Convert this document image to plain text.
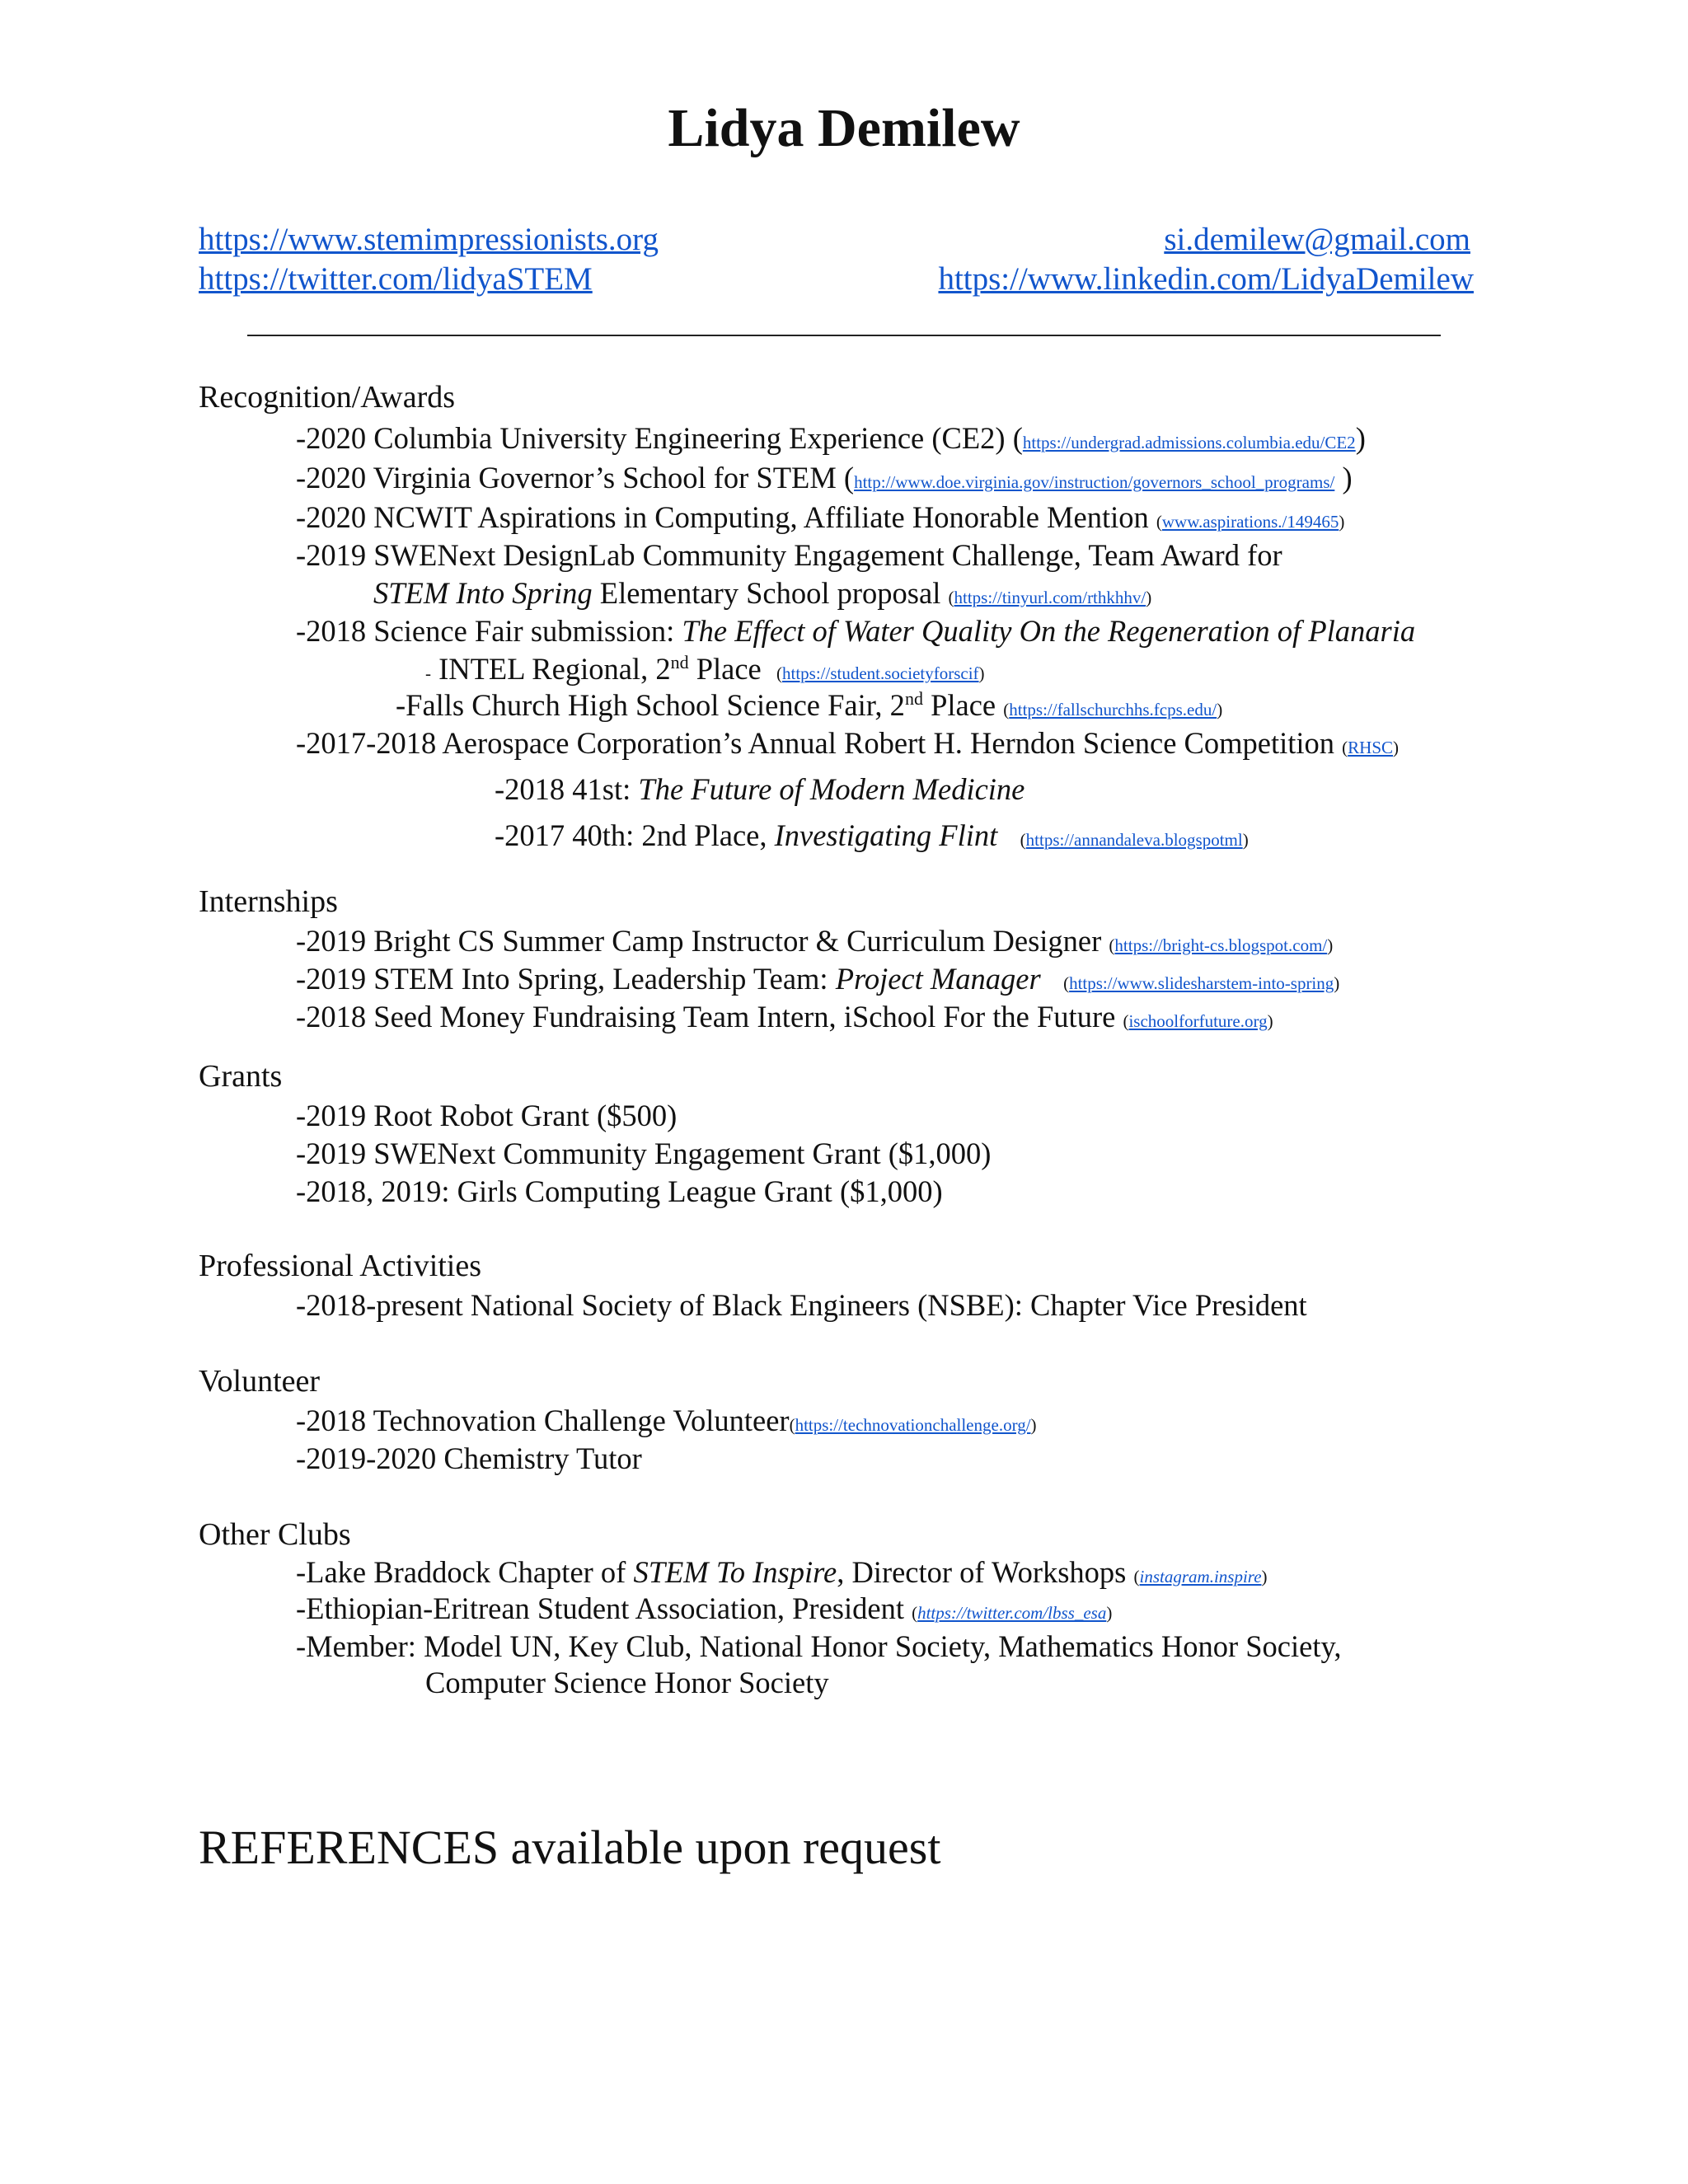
Lidya Demilew
https://www.stemimpressionists.org
https://twitter.com/lidyaSTEM
si.demilew@gmail.com
https://www.linkedin.com/LidyaDemilew
Recognition/Awards
-2020 Columbia University Engineering Experience (CE2) (https://undergrad.admissions.columbia.edu/CE2)
-2020 Virginia Governor’s School for STEM (http://www.doe.virginia.gov/instruction/governors_school_programs/ )
-2020 NCWIT Aspirations in Computing, Affiliate Honorable Mention (www.aspirations./149465)
-2019 SWENext DesignLab Community Engagement Challenge, Team Award for
STEM Into Spring Elementary School proposal (https://tinyurl.com/rthkhhv/)
-2018 Science Fair submission: The Effect of Water Quality On the Regeneration of Planaria
- INTEL Regional, 2nd Place (https://student.societyforscif)
-Falls Church High School Science Fair, 2nd Place (https://fallschurchhs.fcps.edu/)
-2017-2018 Aerospace Corporation’s Annual Robert H. Herndon Science Competition (RHSC)
-2018 41st: The Future of Modern Medicine
-2017 40th: 2nd Place, Investigating Flint (https://annandaleva.blogspotml)
Internships
-2019 Bright CS Summer Camp Instructor & Curriculum Designer (https://bright-cs.blogspot.com/)
-2019 STEM Into Spring, Leadership Team: Project Manager (https://www.slidesharstem-into-spring)
-2018 Seed Money Fundraising Team Intern, iSchool For the Future (ischoolforfuture.org)
Grants
-2019 Root Robot Grant ($500)
-2019 SWENext Community Engagement Grant ($1,000)
-2018, 2019: Girls Computing League Grant ($1,000)
Professional Activities
-2018-present National Society of Black Engineers (NSBE): Chapter Vice President
Volunteer
-2018 Technovation Challenge Volunteer(https://technovationchallenge.org/)
-2019-2020 Chemistry Tutor
Other Clubs
-Lake Braddock Chapter of STEM To Inspire, Director of Workshops (instagram.inspire)
-Ethiopian-Eritrean Student Association, President (https://twitter.com/lbss_esa)
-Member: Model UN, Key Club, National Honor Society, Mathematics Honor Society,
Computer Science Honor Society
REFERENCES available upon request
